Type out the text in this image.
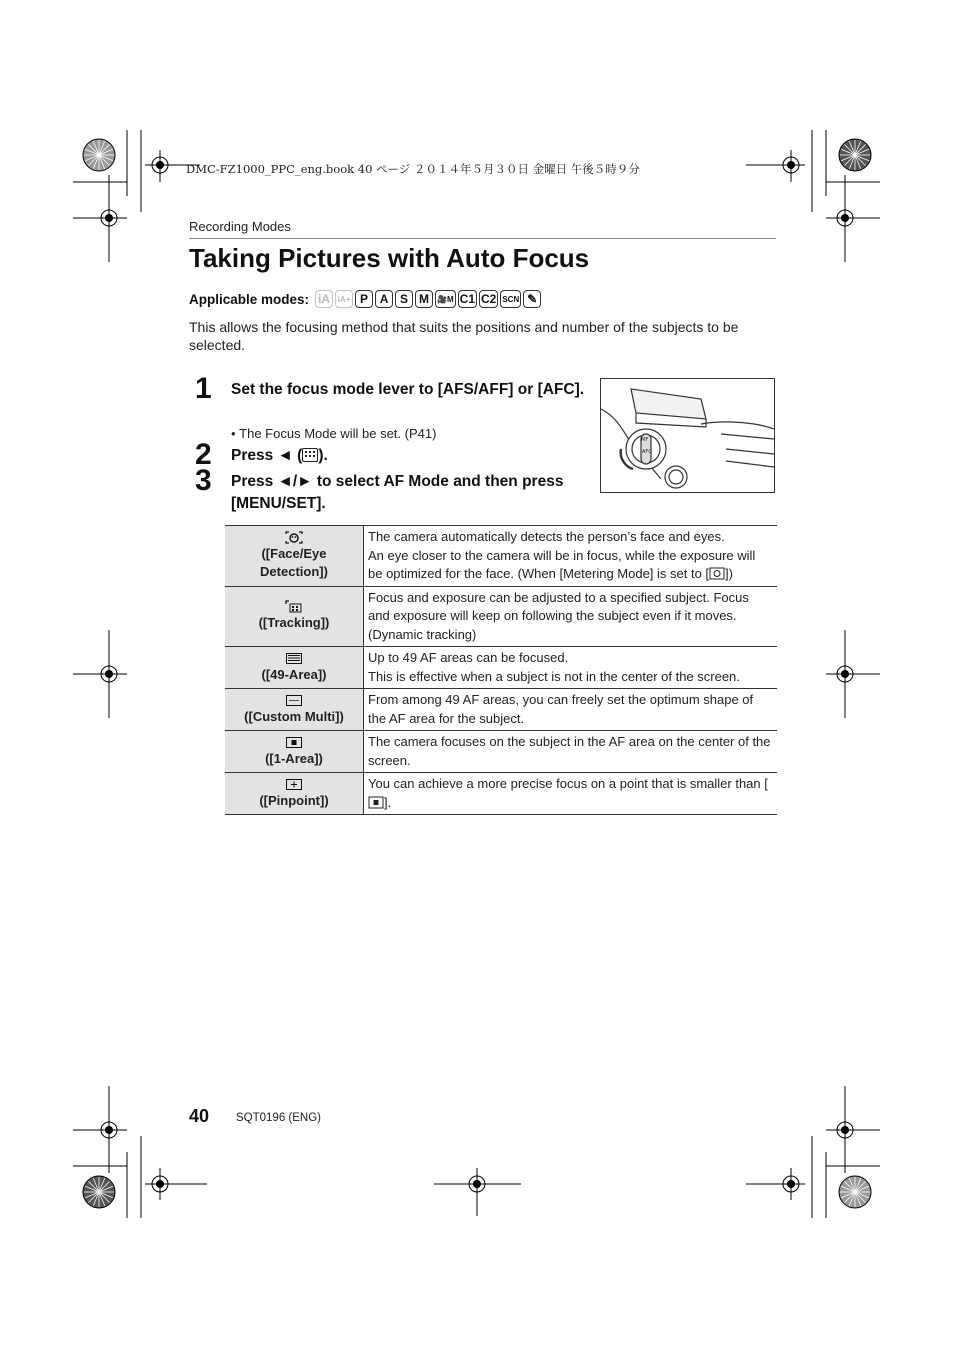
DMC-FZ1000_PPC_eng.book 40 ページ ２０１４年５月３０日 金曜日 午後５時９分
Recording Modes
Taking Pictures with Auto Focus
Applicable modes: iA iA+ P A S M	🎥M C1 C2 SCN ✎
This allows the focusing method that suits the positions and number of the subjects to be selected.
1 Set the focus mode lever to [AFS/AFF] or [AFC].
• The Focus Mode will be set. (P41)
2 Press ◄ ( ).
3 Press ◄/► to select AF Mode and then press [MENU/SET].
AFC
MF
([Face/Eye Detection])	The camera automatically detects the person’s face and eyes.
An eye closer to the camera will be in focus, while the exposure will be optimized for the face. (When [Metering Mode] is set to [ ])

([Tracking])	Focus and exposure can be adjusted to a specified subject. Focus and exposure will keep on following the subject even if it moves. (Dynamic tracking)

([49-Area])	Up to 49 AF areas can be focused.
This is effective when a subject is not in the center of the screen.

([Custom Multi])	From among 49 AF areas, you can freely set the optimum shape of the AF area for the subject.

([1-Area])	The camera focuses on the subject in the AF area on the center of the screen.

([Pinpoint])	You can achieve a more precise focus on a point that is smaller than [].
40 SQT0196 (ENG)
